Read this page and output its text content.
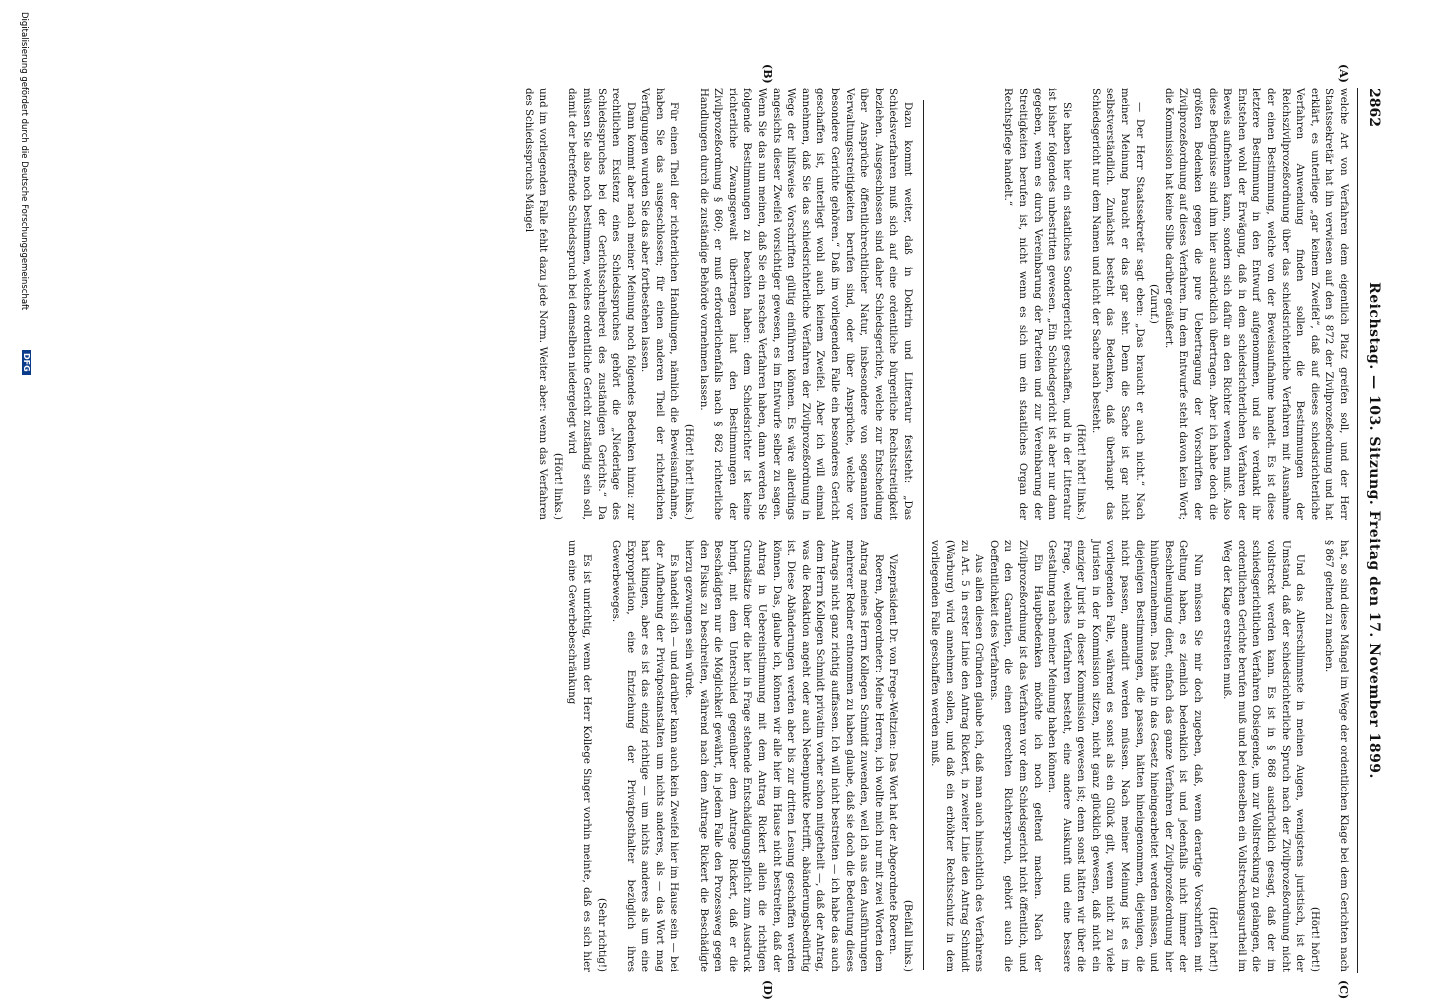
2862
Reichstag. — 103. Sitzung. Freitag den 17. November 1899.
(A)
(B)
(C)
(D)

welche Art von Verfahren dem eigentlich Platz greifen soll, und der Herr Staatssekretär hat ihn verwiesen auf den § 872 der Zivilprozeßordnung und hat erklärt, es unterliege „gar keinem Zweifel“, daß auf dieses schiedsrichterliche Verfahren Anwendung finden sollen die Bestimmungen der Reichszivilprozeßordnung über das schiedsrichterliche Verfahren mit Ausnahme der einen Bestimmung, welche von der Beweisaufnahme handelt. Es ist diese letztere Bestimmung in den Entwurf aufgenommen, und sie verdankt ihr Entstehen wohl der Erwägung, daß in dem schiedsrichterlichen Verfahren der Beweis aufnehmen kann, sondern sich dafür an den Richter wenden muß. Also diese Befugnisse sind ihm hier ausdrücklich übertragen. Aber ich habe doch die größten Bedenken gegen die pure Uebertragung der Vorschriften der Zivilprozeßordnung auf dieses Verfahren. Im dem Entwurfe steht davon kein Wort; die Kommission hat keine Silbe darüber geäußert.

(Zuruf.)

— Der Herr Staatssekretär sagt eben: „Das braucht er auch nicht.“ Nach meiner Meinung braucht er das gar sehr. Denn die Sache ist gar nicht selbstverständlich. Zunächst besteht das Bedenken, daß überhaupt das Schiedsgericht nur dem Namen und nicht der Sache nach besteht.

(Hört! hört! links.)

Sie haben hier ein staatliches Sondergericht geschaffen, und in der Litteratur ist bisher folgendes unbestritten gewesen. „Ein Schiedsgericht ist aber nur dann gegeben, wenn es durch Vereinbarung der Parteien und zur Vereinbarung der Streitigkeiten berufen ist, nicht wenn es sich um ein staatliches Organ der Rechtspflege handelt.“

Dazu kommt weiter, daß in Doktrin und Litteratur feststeht: „Das Schiedsverfahren muß sich auf eine ordentliche bürgerliche Rechtsstreitigkeit beziehen. Ausgeschlossen sind daher Schiedsgerichte, welche zur Entscheidung über Ansprüche öffentlichrechtlicher Natur, insbesondere von sogenannten Verwaltungsstreitigkeiten berufen sind, oder über Ansprüche, welche vor besondere Gerichte gehören.“ Daß im vorliegenden Falle ein besonderes Gericht geschaffen ist, unterliegt wohl auch keinem Zweifel. Aber ich will einmal annehmen, daß Sie das schiedsrichterliche Verfahren der Zivilprozeßordnung in Wege der hilfsweise Vorschriften gültig einführen können. Es wäre allerdings angesichts dieser Zweifel vorsichtiger gewesen, es im Entwurfe selber zu sagen. Wenn Sie das nun meinen, daß Sie ein rasches Verfahren haben, dann werden Sie folgende Bestimmungen zu beachten haben: dem Schiedsrichter ist keine richterliche Zwangsgewalt übertragen laut den Bestimmungen der Zivilprozeßordnung § 860; er muß erforderlichenfalls nach § 862 richterliche Handlungen durch die zuständige Behörde vornehmen lassen.

(Hört! hört! links.)

Für einen Theil der richterlichen Handlungen, nämlich die Beweisaufnahme, haben Sie das ausgeschlossen; für einen anderen Theil der richterlichen Verfügungen wurden Sie das aber fortbestehen lassen.

Dann kommt aber nach meiner Meinung noch folgendes Bedenken hinzu: zur rechtlichen Existenz eines Schiedsspruches gehört die „Niederlage des Schiedsspruches bei der Gerichtsschreiberei des zuständigen Gerichts.“ Da müssen Sie also noch bestimmen, welches ordentliche Gericht zuständig sein soll, damit der betreffende Schiedsspruch bei demselben niedergelegt wird

(Hört! links.)

und im vorliegenden Falle fehlt dazu jede Norm. Weiter aber: wenn das Verfahren des Schiedsspruchs Mängel

hat, so sind diese Mängel im Wege der ordentlichen Klage bei dem Gerichten nach § 867 geltend zu machen.

(Hört! hört!)

Und das Allerschlimmste in meinen Augen, wenigstens juristisch, ist der Umstand, daß der schiedsrichterliche Spruch nach der Zivilprozeßordnung nicht vollstreckt werden kann. Es ist in § 868 ausdrücklich gesagt, daß der im schiedsgerichtlichen Verfahren Obsiegende, um zur Vollstreckung zu gelangen, die ordentlichen Gerichte berufen muß und bei denselben ein Vollstreckungsurtheil im Weg der Klage erstreiten muß.

(Hört! hört!)

Nun müssen Sie mir doch zugeben, daß, wenn derartige Vorschriften mit Geltung haben, es ziemlich bedenklich ist und jedenfalls nicht immer der Beschleunigung dient, einfach das ganze Verfahren der Zivilprozeßordnung hier hinüberzunehmen. Das hätte in das Gesetz hineingearbeitet werden müssen, und diejenigen Bestimmungen, die passen, hätten hineingenommen, diejenigen, die nicht passen, amendirt werden müssen. Nach meiner Meinung ist es im vorliegenden Falle, während es sonst als ein Glück gilt, wenn nicht zu viele Juristen in der Kommission sitzen, nicht ganz glücklich gewesen, daß nicht ein einziger Jurist in dieser Kommission gewesen ist; denn sonst hätten wir über die Frage, welches Verfahren besteht, eine andere Auskunft und eine bessere Gestaltung nach meiner Meinung haben können.

Ein Hauptbedenken möchte ich noch geltend machen. Nach der Zivilprozeßordnung ist das Verfahren vor dem Schiedsgericht nicht öffentlich, und zu den Garantien, die einen gerechten Richterspruch, gehört auch die Oeffentlichkeit des Verfahrens.

Aus allen diesen Gründen glaube ich, daß man auch hinsichtlich des Verfahrens zu Art. 5 in erster Linie den Antrag Rickert, in zweiter Linie den Antrag Schmidt (Warburg) wird annehmen sollen, und daß ein erhöhter Rechtsschutz in dem vorliegenden Falle geschaffen werden muß.

(Beifall links.)

Vizepräsident Dr. von Frege-Weltzien: Das Wort hat der Abgeordnete Roeren.

Roeren, Abgeordneter: Meine Herren, ich wollte mich nur mit zwei Worten dem Antrag meines Herrn Kollegen Schmidt zuwenden, weil ich aus den Ausführungen mehrerer Redner entnommen zu haben glaube, daß sie doch die Bedeutung dieses Antrags nicht ganz richtig auffassen. Ich will nicht bestreiten — ich habe das auch dem Herrn Kollegen Schmidt privatim vorher schon mitgetheilt —, daß der Antrag, was die Redaktion angeht oder auch Nebenpunkte betrifft, abänderungsbedürftig ist. Diese Abänderungen werden aber bis zur dritten Lesung geschaffen werden können. Das, glaube ich, können wir alle hier im Hause nicht bestreiten, daß der Antrag in Uebereinstimmung mit dem Antrag Rickert allein die richtigen Grundsätze über die hier in Frage stehende Entschädigungspflicht zum Ausdruck bringt, mit dem Unterschied gegenüber dem Antrage Rickert, daß er die Beschädigten nur die Möglichkeit gewährt, in jedem Falle den Prozessweg gegen den Fiskus zu beschreiten, während nach dem Antrage Rickert die Beschädigte hierzu gezwungen sein würde.

Es handelt sich — und darüber kann auch kein Zweifel hier im Hause sein — bei der Aufhebung der Privatpostanstalten um nichts anderes, als — das Wort mag hart klingen, aber es ist das einzig richtige — um nichts anderes als um eine Expropriation, eine Entziehung der Privatposthalter bezüglich ihres Gewerbeweges.

(Sehr richtig!)

Es ist unrichtig, wenn der Herr Kollege Singer vorhin meinte, daß es sich hier um eine Gewerbebeschränkung

Digitalisierung gefördert durch die Deutsche Forschungsgemeinschaft
DFG
